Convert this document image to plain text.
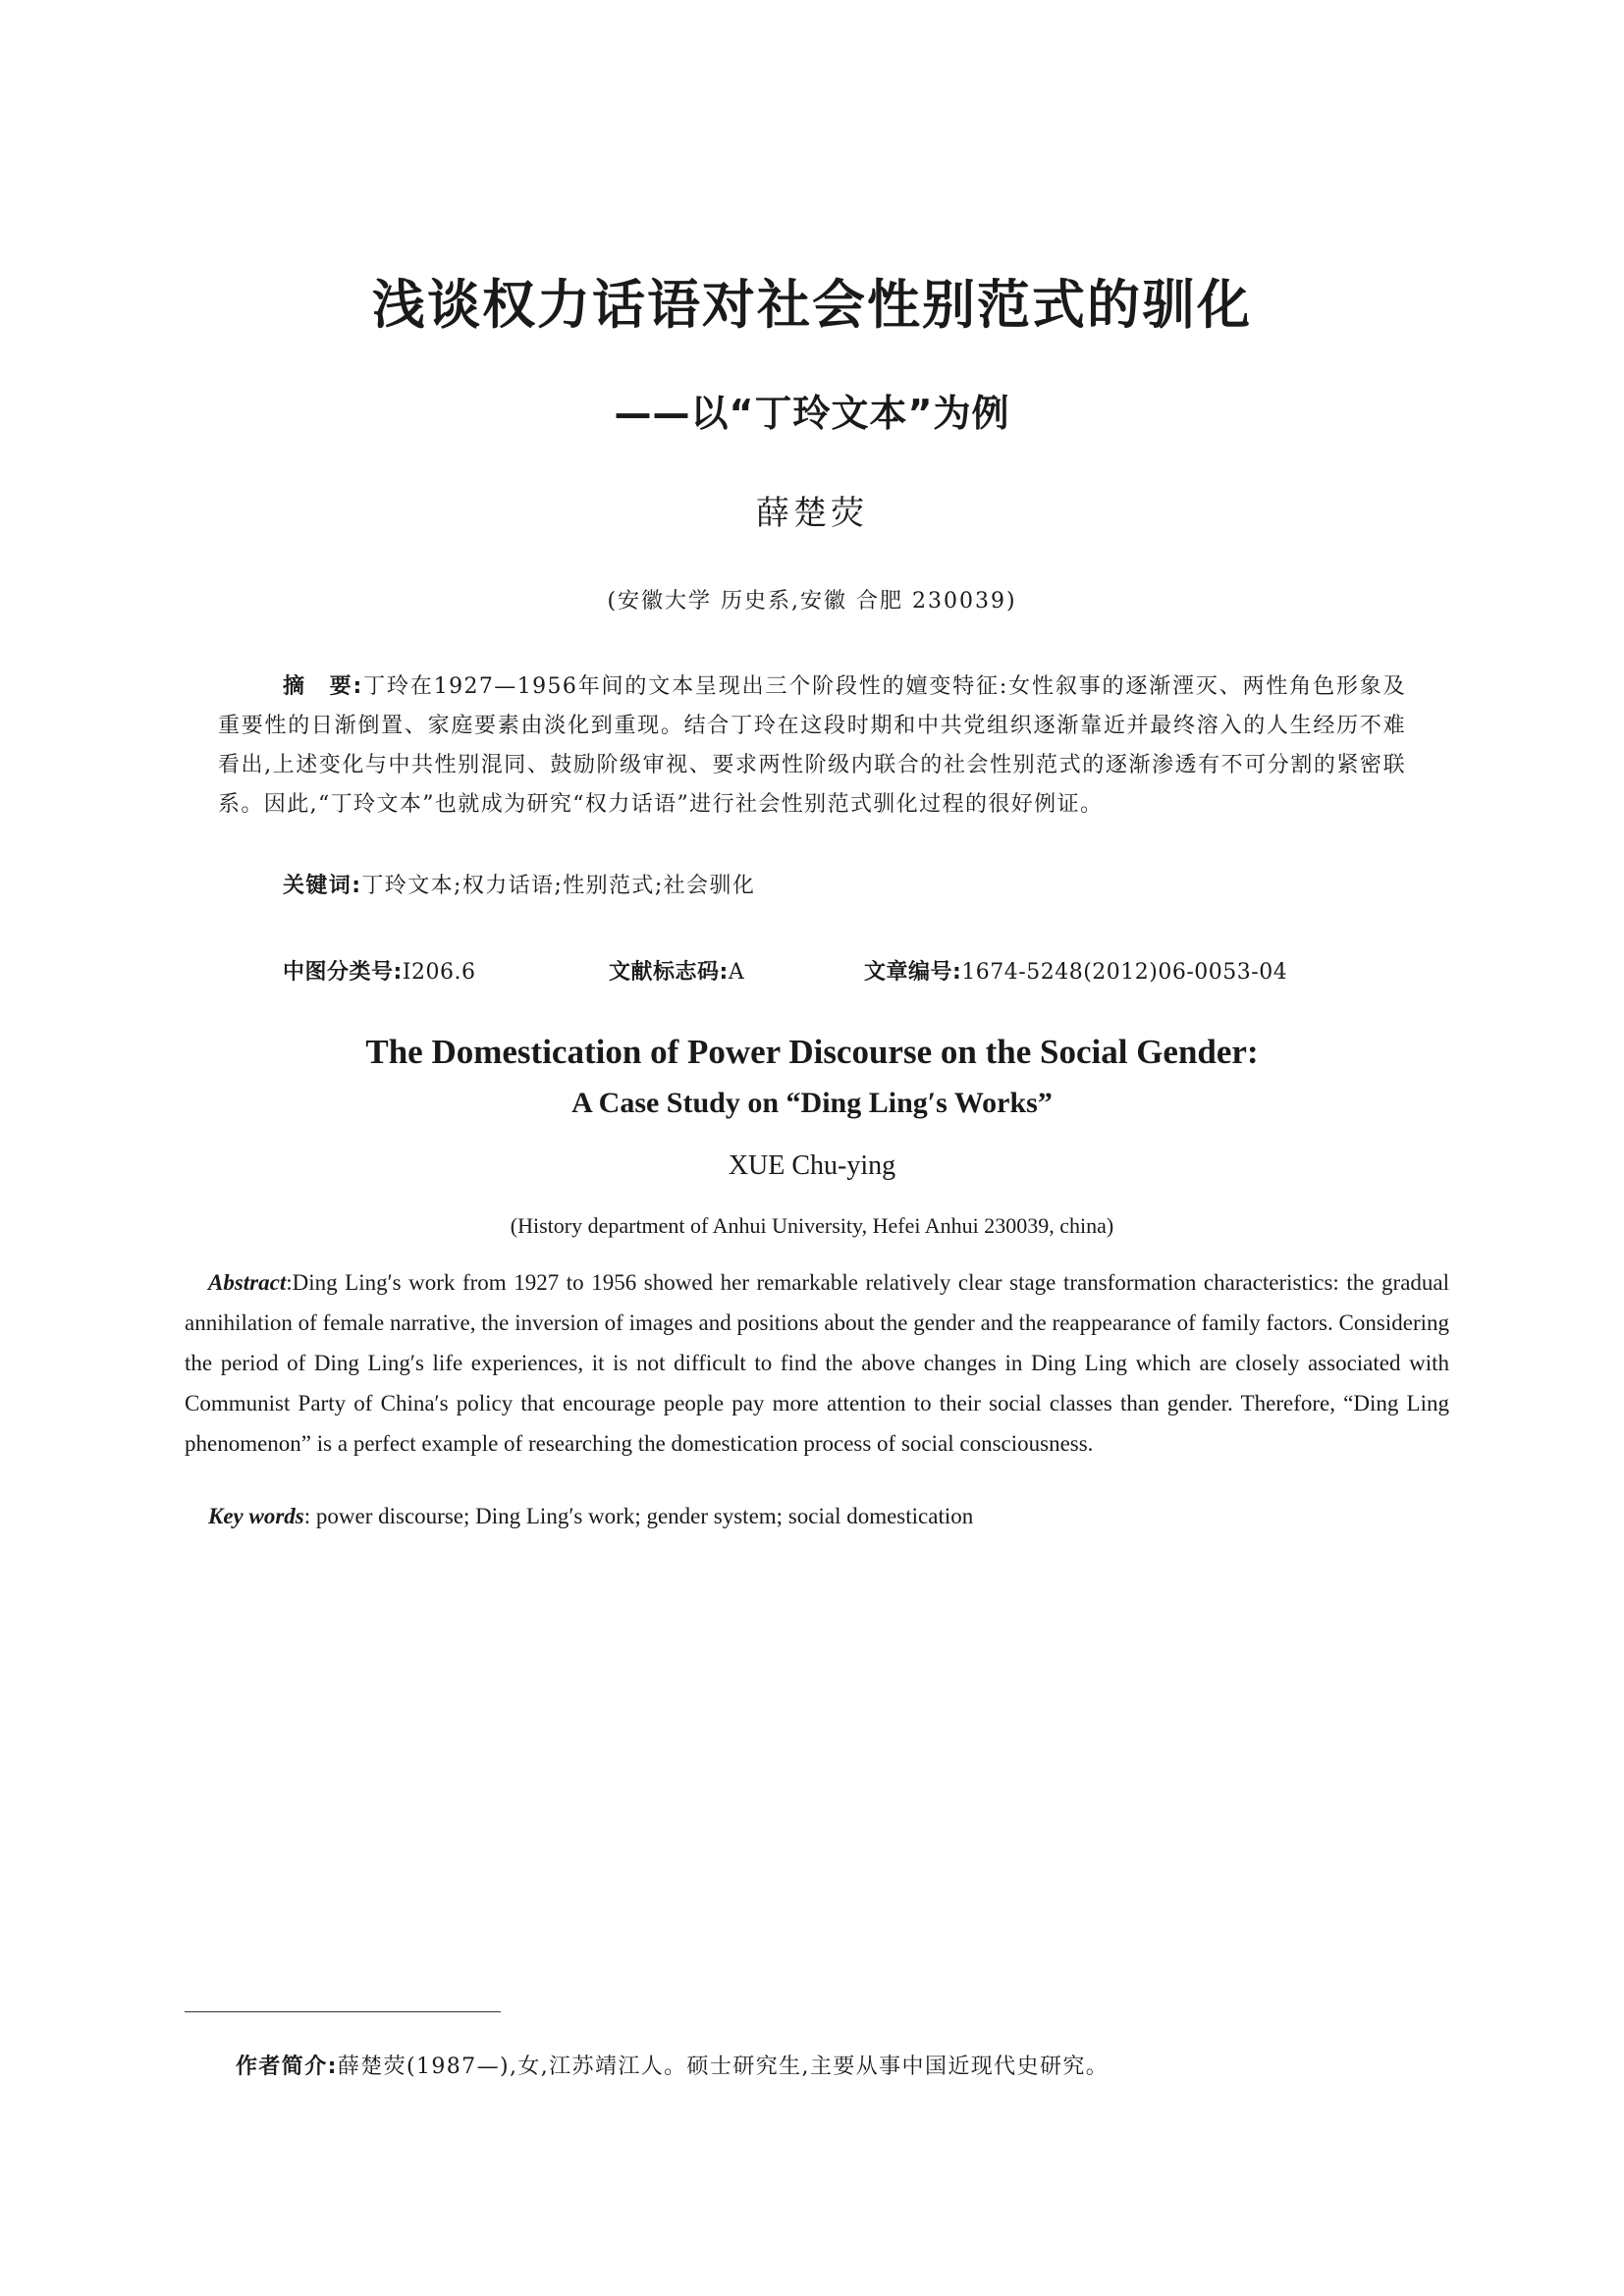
浅谈权力话语对社会性别范式的驯化
——以“丁玲文本”为例
薛楚荧
(安徽大学 历史系,安徽 合肥 230039)
摘　要:丁玲在1927—1956年间的文本呈现出三个阶段性的嬗变特征:女性叙事的逐渐湮灭、两性角色形象及重要性的日渐倒置、家庭要素由淡化到重现。结合丁玲在这段时期和中共党组织逐渐靠近并最终溶入的人生经历不难看出,上述变化与中共性别混同、鼓励阶级审视、要求两性阶级内联合的社会性别范式的逐渐渗透有不可分割的紧密联系。因此,“丁玲文本”也就成为研究“权力话语”进行社会性别范式驯化过程的很好例证。
关键词:丁玲文本;权力话语;性别范式;社会驯化
中图分类号:I206.6	文献标志码:A	文章编号:1674-5248(2012)06-0053-04
The Domestication of Power Discourse on the Social Gender:
A Case Study on “Ding Ling′s Works”
XUE Chu-ying
(History department of Anhui University, Hefei Anhui 230039, china)
Abstract:Ding Ling′s work from 1927 to 1956 showed her remarkable relatively clear stage transformation characteristics: the gradual annihilation of female narrative, the inversion of images and positions about the gender and the reappearance of family factors. Considering the period of Ding Ling′s life experiences, it is not difficult to find the above changes in Ding Ling which are closely associated with Communist Party of China′s policy that encourage people pay more attention to their social classes than gender. Therefore, “Ding Ling phenomenon” is a perfect example of researching the domestication process of social consciousness.
Key words: power discourse; Ding Ling′s work; gender system; social domestication
作者简介:薛楚荧(1987—),女,江苏靖江人。硕士研究生,主要从事中国近现代史研究。
